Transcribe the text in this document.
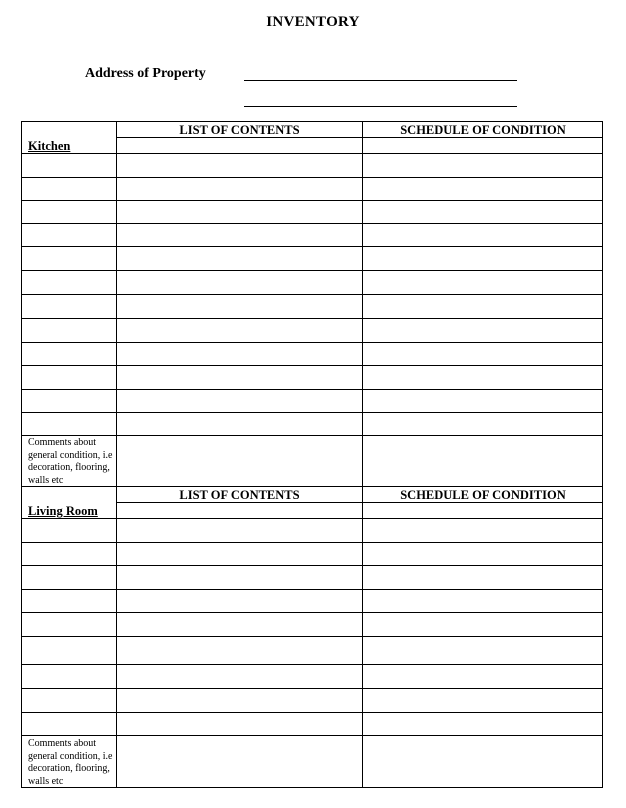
INVENTORY
Address of Property
LIST OF CONTENTS	SCHEDULE OF CONDITION
Kitchen
Comments about general condition, i.e decoration, flooring, walls etc
LIST OF CONTENTS	SCHEDULE OF CONDITION
Living Room
Comments about general condition, i.e decoration, flooring, walls etc
